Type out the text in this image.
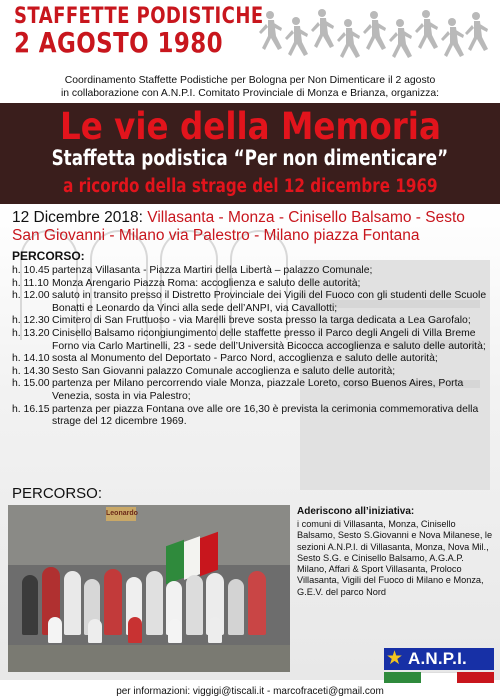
STAFFETTE PODISTICHE
2 AGOSTO 1980
Coordinamento Staffette Podistiche per Bologna per Non Dimenticare il 2 agosto
in collaborazione con A.N.P.I. Comitato Provinciale di Monza e Brianza, organizza:
Le vie della Memoria
Staffetta podistica “Per non dimenticare”
a ricordo della strage del 12 dicembre 1969
12 Dicembre 2018: Villasanta - Monza - Cinisello Balsamo - Sesto San Giovanni - Milano via Palestro - Milano piazza Fontana
PERCORSO:
h. 10.45 partenza Villasanta - Piazza Martiri della Libertà – palazzo Comunale;
h. 11.10 Monza Arengario Piazza Roma: accoglienza e saluto delle autorità;
h. 12.00 saluto in transito presso il Distretto Provinciale dei Vigili del Fuoco con gli studenti delle Scuole Bonatti e Leonardo da Vinci alla sede dell’ANPI, via Cavallotti;
h. 12.30 Cimitero di San Fruttuoso - via Marelli breve sosta presso la targa dedicata a Lea Garofalo;
h. 13.20 Cinisello Balsamo ricongiungimento delle staffette presso il Parco degli Angeli di Villa Breme Forno via Carlo Martinelli, 23 - sede dell’Università Bicocca accoglienza e saluto delle autorità;
h. 14.10 sosta al Monumento del Deportato - Parco Nord, accoglienza e saluto delle autorità;
h. 14.30 Sesto San Giovanni palazzo Comunale accoglienza e saluto delle autorità;
h. 15.00 partenza per Milano percorrendo viale Monza, piazzale Loreto, corso Buenos Aires, Porta Venezia, sosta in via Palestro;
h. 16.15 partenza per piazza Fontana ove alle ore 16,30 è prevista la cerimonia commemorativa della strage del 12 dicembre 1969.
PERCORSO:
Leonardo	Aderiscono all’iniziativa:
i comuni di Villasanta, Monza, Cinisello Balsamo, Sesto S.Giovanni e Nova Milanese, le sezioni A.N.P.I. di Villasanta, Monza, Nova Mil., Sesto S.G. e Cinisello Balsamo, A.G.A.P. Milano, Affari & Sport Villasanta, Proloco Villasanta, Vigili del Fuoco di Milano e Monza, G.E.V. del parco Nord
★ A.N.P.I.
per informazioni: viggigi@tiscali.it - marcofraceti@gmail.com
